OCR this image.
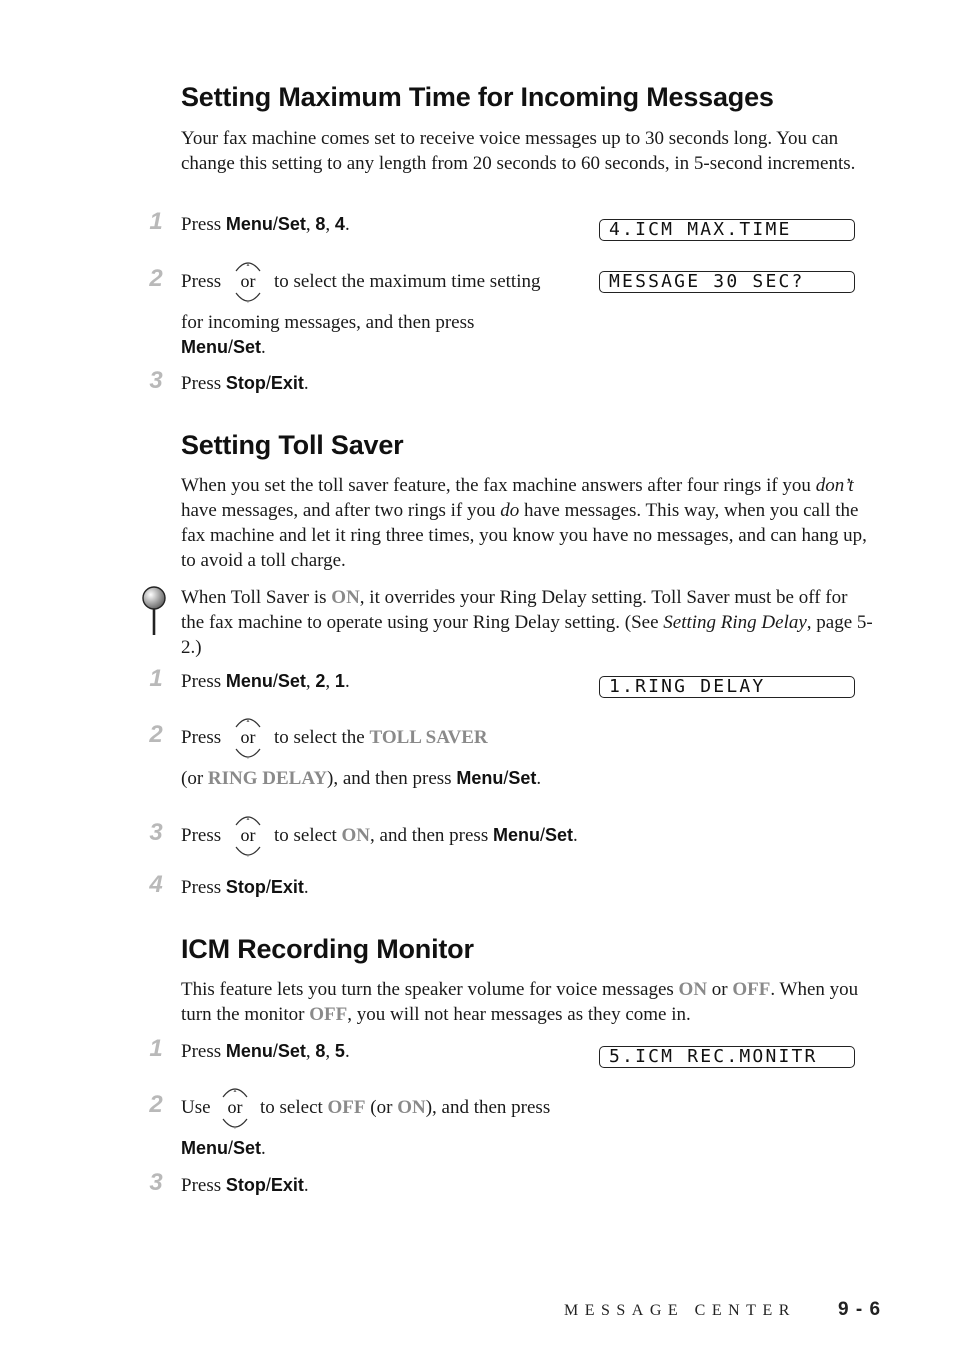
Setting Maximum Time for Incoming Messages
Your fax machine comes set to receive voice messages up to 30 seconds long. You can change this setting to any length from 20 seconds to 60 seconds, in 5-second increments.
1 Press Menu/Set, 8, 4.	4.ICM MAX.TIME
2 Press
▲
▼
or to select the maximum time setting	MESSAGE 30 SEC?
for incoming messages, and then press
Menu/Set.
3 Press Stop/Exit.
Setting Toll Saver
When you set the toll saver feature, the fax machine answers after four rings if you don’t have messages, and after two rings if you do have messages. This way, when you call the fax machine and let it ring three times, you know you have no messages, and can hang up, to avoid a toll charge.
When Toll Saver is ON, it overrides your Ring Delay setting. Toll Saver must be off for the fax machine to operate using your Ring Delay setting. (See Setting Ring Delay, page 5-2.)
1 Press Menu/Set, 2, 1.	1.RING DELAY
2 Press
▲
▼
or to select the TOLL SAVER
(or RING DELAY), and then press Menu/Set.
3 Press
▲
▼
or to select ON, and then press Menu/Set.
4 Press Stop/Exit.
ICM Recording Monitor
This feature lets you turn the speaker volume for voice messages ON or OFF. When you turn the monitor OFF, you will not hear messages as they come in.
1 Press Menu/Set, 8, 5.	5.ICM REC.MONITR
2 Use
▲
▼
or to select OFF (or ON), and then press
Menu/Set.
3 Press Stop/Exit.
MESSAGE CENTER 9 - 6
